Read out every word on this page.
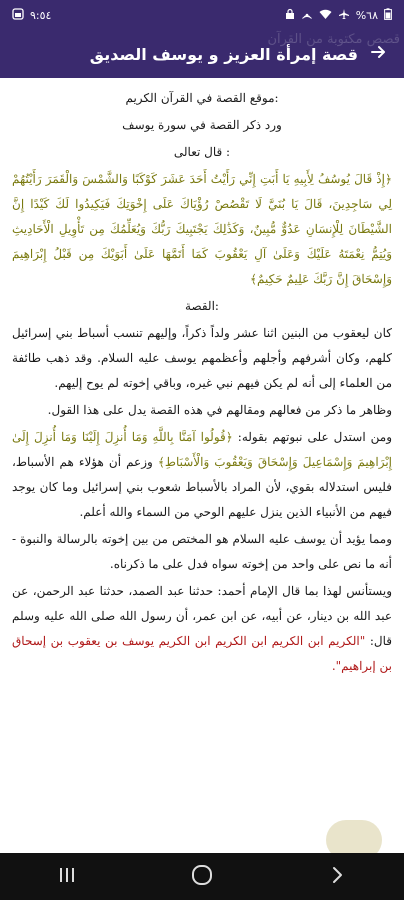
٩:٥٤	%٦٨
قصة إمرأة العزيز و يوسف الصديق
قصص مكتوبة من القرآن

:موقع القصة في القرآن الكريم

ورد ذكر القصة في سورة يوسف

: قال تعالى

﴿إِذْ قَالَ يُوسُفُ لِأَبِيهِ يَا أَبَتِ إِنِّي رَأَيْتُ أَحَدَ عَشَرَ كَوْكَبًا وَالشَّمْسَ وَالْقَمَرَ رَأَيْتُهُمْ لِي سَاجِدِينَ، قَالَ يَا بُنَيَّ لَا تَقْصُصْ رُؤْيَاكَ عَلَى إِخْوَتِكَ فَيَكِيدُوا لَكَ كَيْدًا إِنَّ الشَّيْطَانَ لِلْإِنسَانِ عَدُوٌّ مُّبِينٌ، وَكَذَٰلِكَ يَجْتَبِيكَ رَبُّكَ وَيُعَلِّمُكَ مِن تَأْوِيلِ الْأَحَادِيثِ وَيُتِمُّ نِعْمَتَهُ عَلَيْكَ وَعَلَىٰ آلِ يَعْقُوبَ كَمَا أَتَمَّهَا عَلَىٰ أَبَوَيْكَ مِن قَبْلُ إِبْرَاهِيمَ وَإِسْحَاقَ إِنَّ رَبَّكَ عَلِيمٌ حَكِيمٌ﴾

:القصة

كان ليعقوب من البنين اثنا عشر ولداً ذكراً، وإليهم تنسب أسباط بني إسرائيل كلهم، وكان أشرفهم وأجلهم وأعظمهم يوسف عليه السلام. وقد ذهب طائفة من العلماء إلى أنه لم يكن فيهم نبي غيره، وباقي إخوته لم يوح إليهم.

وظاهر ما ذكر من فعالهم ومقالهم في هذه القصة يدل على هذا القول.

ومن استدل على نبوتهم بقوله: ﴿قُولُوا آمَنَّا بِاللَّهِ وَمَا أُنزِلَ إِلَيْنَا وَمَا أُنزِلَ إِلَىٰ إِبْرَاهِيمَ وَإِسْمَاعِيلَ وَإِسْحَاقَ وَيَعْقُوبَ وَالْأَسْبَاطِ﴾ وزعم أن هؤلاء هم الأسباط، فليس استدلاله بقوي، لأن المراد بالأسباط شعوب بني إسرائيل وما كان يوجد فيهم من الأنبياء الذين ينزل عليهم الوحي من السماء والله أعلم.

ومما يؤيد أن يوسف عليه السلام هو المختص من بين إخوته بالرسالة والنبوة - أنه ما نص على واحد من إخوته سواه فدل على ما ذكرناه.

ويستأنس لهذا بما قال الإمام أحمد: حدثنا عبد الصمد، حدثنا عبد الرحمن، عن عبد الله بن دينار، عن أبيه، عن ابن عمر، أن رسول الله صلى الله عليه وسلم قال: "الكريم ابن الكريم ابن الكريم ابن الكريم يوسف بن يعقوب بن إسحاق بن إبراهيم".
